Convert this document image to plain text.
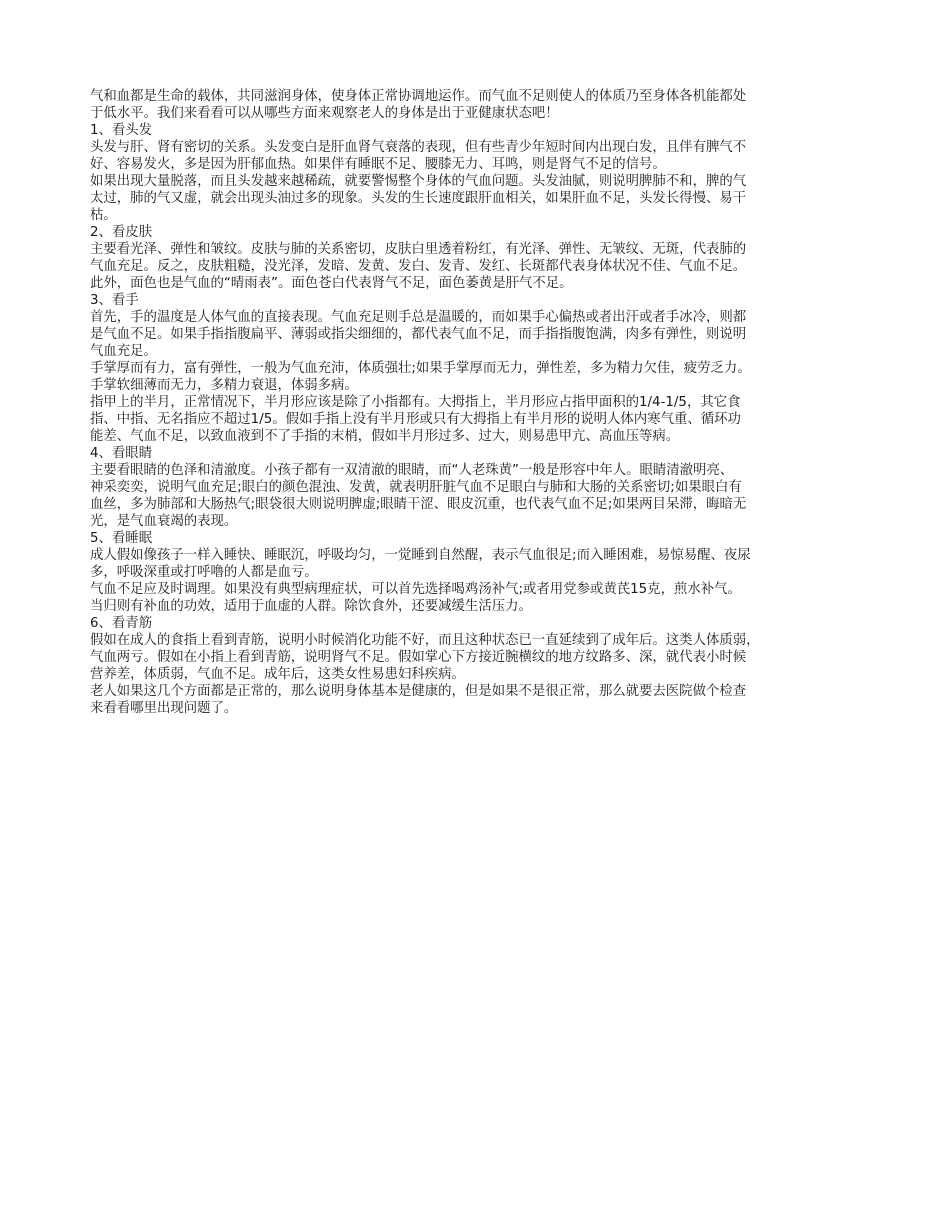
气和血都是生命的载体，共同滋润身体，使身体正常协调地运作。而气血不足则使人的体质乃至身体各机能都处

于低水平。我们来看看可以从哪些方面来观察老人的身体是出于亚健康状态吧！

1、看头发

头发与肝、肾有密切的关系。头发变白是肝血肾气衰落的表现，但有些青少年短时间内出现白发，且伴有脾气不

好、容易发火，多是因为肝郁血热。如果伴有睡眠不足、腰膝无力、耳鸣，则是肾气不足的信号。

如果出现大量脱落，而且头发越来越稀疏，就要警惕整个身体的气血问题。头发油腻，则说明脾肺不和，脾的气

太过，肺的气又虚，就会出现头油过多的现象。头发的生长速度跟肝血相关，如果肝血不足，头发长得慢、易干

枯。

2、看皮肤

主要看光泽、弹性和皱纹。皮肤与肺的关系密切，皮肤白里透着粉红，有光泽、弹性、无皱纹、无斑，代表肺的

气血充足。反之，皮肤粗糙，没光泽，发暗、发黄、发白、发青、发红、长斑都代表身体状况不佳、气血不足。

此外，面色也是气血的“晴雨表”。面色苍白代表肾气不足，面色萎黄是肝气不足。

3、看手

首先，手的温度是人体气血的直接表现。气血充足则手总是温暖的，而如果手心偏热或者出汗或者手冰冷，则都

是气血不足。如果手指指腹扁平、薄弱或指尖细细的，都代表气血不足，而手指指腹饱满，肉多有弹性，则说明

气血充足。

手掌厚而有力，富有弹性，一般为气血充沛，体质强壮;如果手掌厚而无力，弹性差，多为精力欠佳，疲劳乏力。

手掌软细薄而无力，多精力衰退，体弱多病。

指甲上的半月，正常情况下，半月形应该是除了小指都有。大拇指上，半月形应占指甲面积的1/4-1/5，其它食

指、中指、无名指应不超过1/5。假如手指上没有半月形或只有大拇指上有半月形的说明人体内寒气重、循环功

能差、气血不足，以致血液到不了手指的末梢，假如半月形过多、过大，则易患甲亢、高血压等病。

4、看眼睛

主要看眼睛的色泽和清澈度。小孩子都有一双清澈的眼睛，而“人老珠黄”一般是形容中年人。眼睛清澈明亮、

神采奕奕，说明气血充足;眼白的颜色混浊、发黄，就表明肝脏气血不足眼白与肺和大肠的关系密切;如果眼白有

血丝，多为肺部和大肠热气;眼袋很大则说明脾虚;眼睛干涩、眼皮沉重，也代表气血不足;如果两目呆滞，晦暗无

光，是气血衰竭的表现。

5、看睡眠

成人假如像孩子一样入睡快、睡眠沉，呼吸均匀，一觉睡到自然醒，表示气血很足;而入睡困难，易惊易醒、夜尿

多，呼吸深重或打呼噜的人都是血亏。

气血不足应及时调理。如果没有典型病理症状，可以首先选择喝鸡汤补气;或者用党参或黄芪15克，煎水补气。

当归则有补血的功效，适用于血虚的人群。除饮食外，还要减缓生活压力。

6、看青筋

假如在成人的食指上看到青筋，说明小时候消化功能不好，而且这种状态已一直延续到了成年后。这类人体质弱，

气血两亏。假如在小指上看到青筋，说明肾气不足。假如掌心下方接近腕横纹的地方纹路多、深，就代表小时候

营养差，体质弱，气血不足。成年后，这类女性易患妇科疾病。

老人如果这几个方面都是正常的，那么说明身体基本是健康的，但是如果不是很正常，那么就要去医院做个检查

来看看哪里出现问题了。
